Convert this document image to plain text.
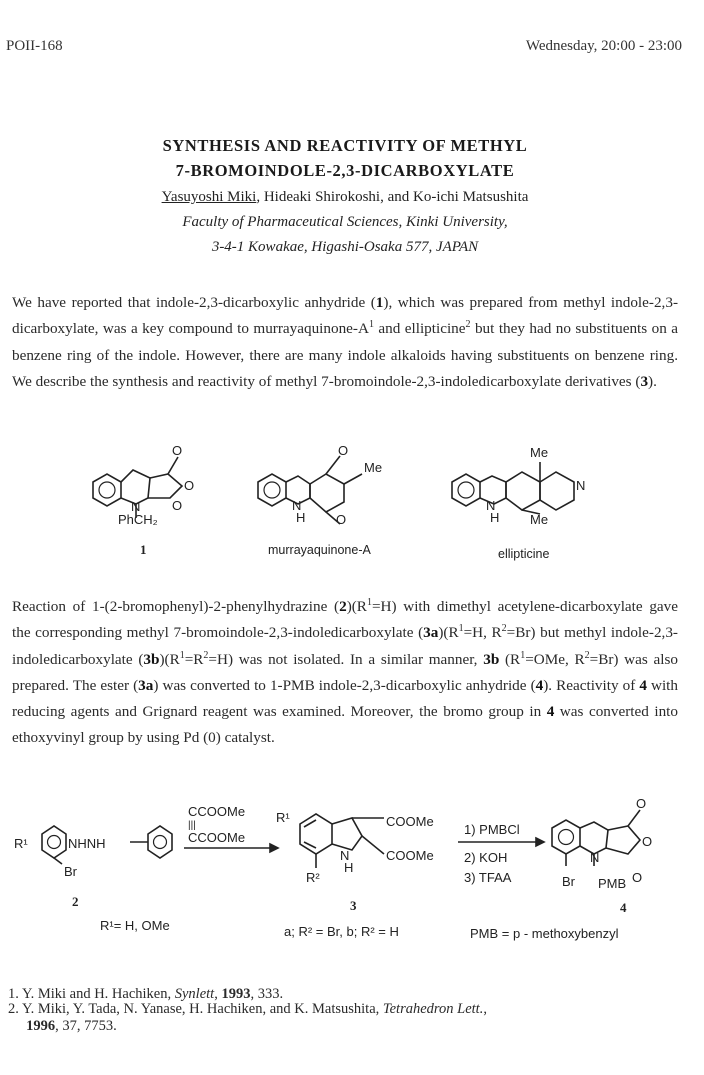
POII-168	Wednesday, 20:00 - 23:00
SYNTHESIS AND REACTIVITY OF METHYL
7-BROMOINDOLE-2,3-DICARBOXYLATE
Yasuyoshi Miki, Hideaki Shirokoshi, and Ko-ichi Matsushita
Faculty of Pharmaceutical Sciences, Kinki University,
3-4-1 Kowakae, Higashi-Osaka 577, JAPAN
We have reported that indole-2,3-dicarboxylic anhydride (1), which was prepared from methyl indole-2,3-dicarboxylate, was a key compound to murrayaquinone-$A^1$ and ellipticine$^2$ but they had no substituents on a benzene ring of the indole. However, there are many indole alkaloids having substituents on benzene ring. We describe the synthesis and reactivity of methyl 7-bromoindole-2,3-indoledicarboxylate derivatives (3).
O
O
O
N
PhCH₂
1
O
Me
N
H O
murrayaquinone-A
Me
N
N
H Me
ellipticine
Reaction of 1-(2-bromophenyl)-2-phenylhydrazine $(2)(R^1=H)$ with dimethyl acetylene-dicarboxylate gave the corresponding methyl 7-bromoindole-2,3-indoledicarboxylate $(3a)(R^1=H$, $R^2=Br$) but methyl indole-2,3-indoledicarboxylate $(3b)(R^1=R^2=H)$ was not isolated. In a similar manner, 3b ($R^1=OMe$, $R^2=Br$) was also prepared. The ester (3a) was converted to 1-PMB indole-2,3-dicarboxylic anhydride (4). Reactivity of 4 with reducing agents and Grignard reagent was examined. Moreover, the bromo group in 4 was converted into ethoxyvinyl group by using Pd (0) catalyst.
R¹	NHNH
Br
2
R¹= H, OMe
CCOOMe
|||
CCOOMe
R¹	COOMe
COOMe
N
H
R²
3
a; R² = Br, b; R² = H
1) PMBCl
2) KOH
3) TFAA
O
O
N
Br PMB O
4
PMB = p - methoxybenzyl
1. Y. Miki and H. Hachiken, Synlett, 1993, 333.
2. Y. Miki, Y. Tada, N. Yanase, H. Hachiken, and K. Matsushita, Tetrahedron Lett.,
1996, 37, 7753.
